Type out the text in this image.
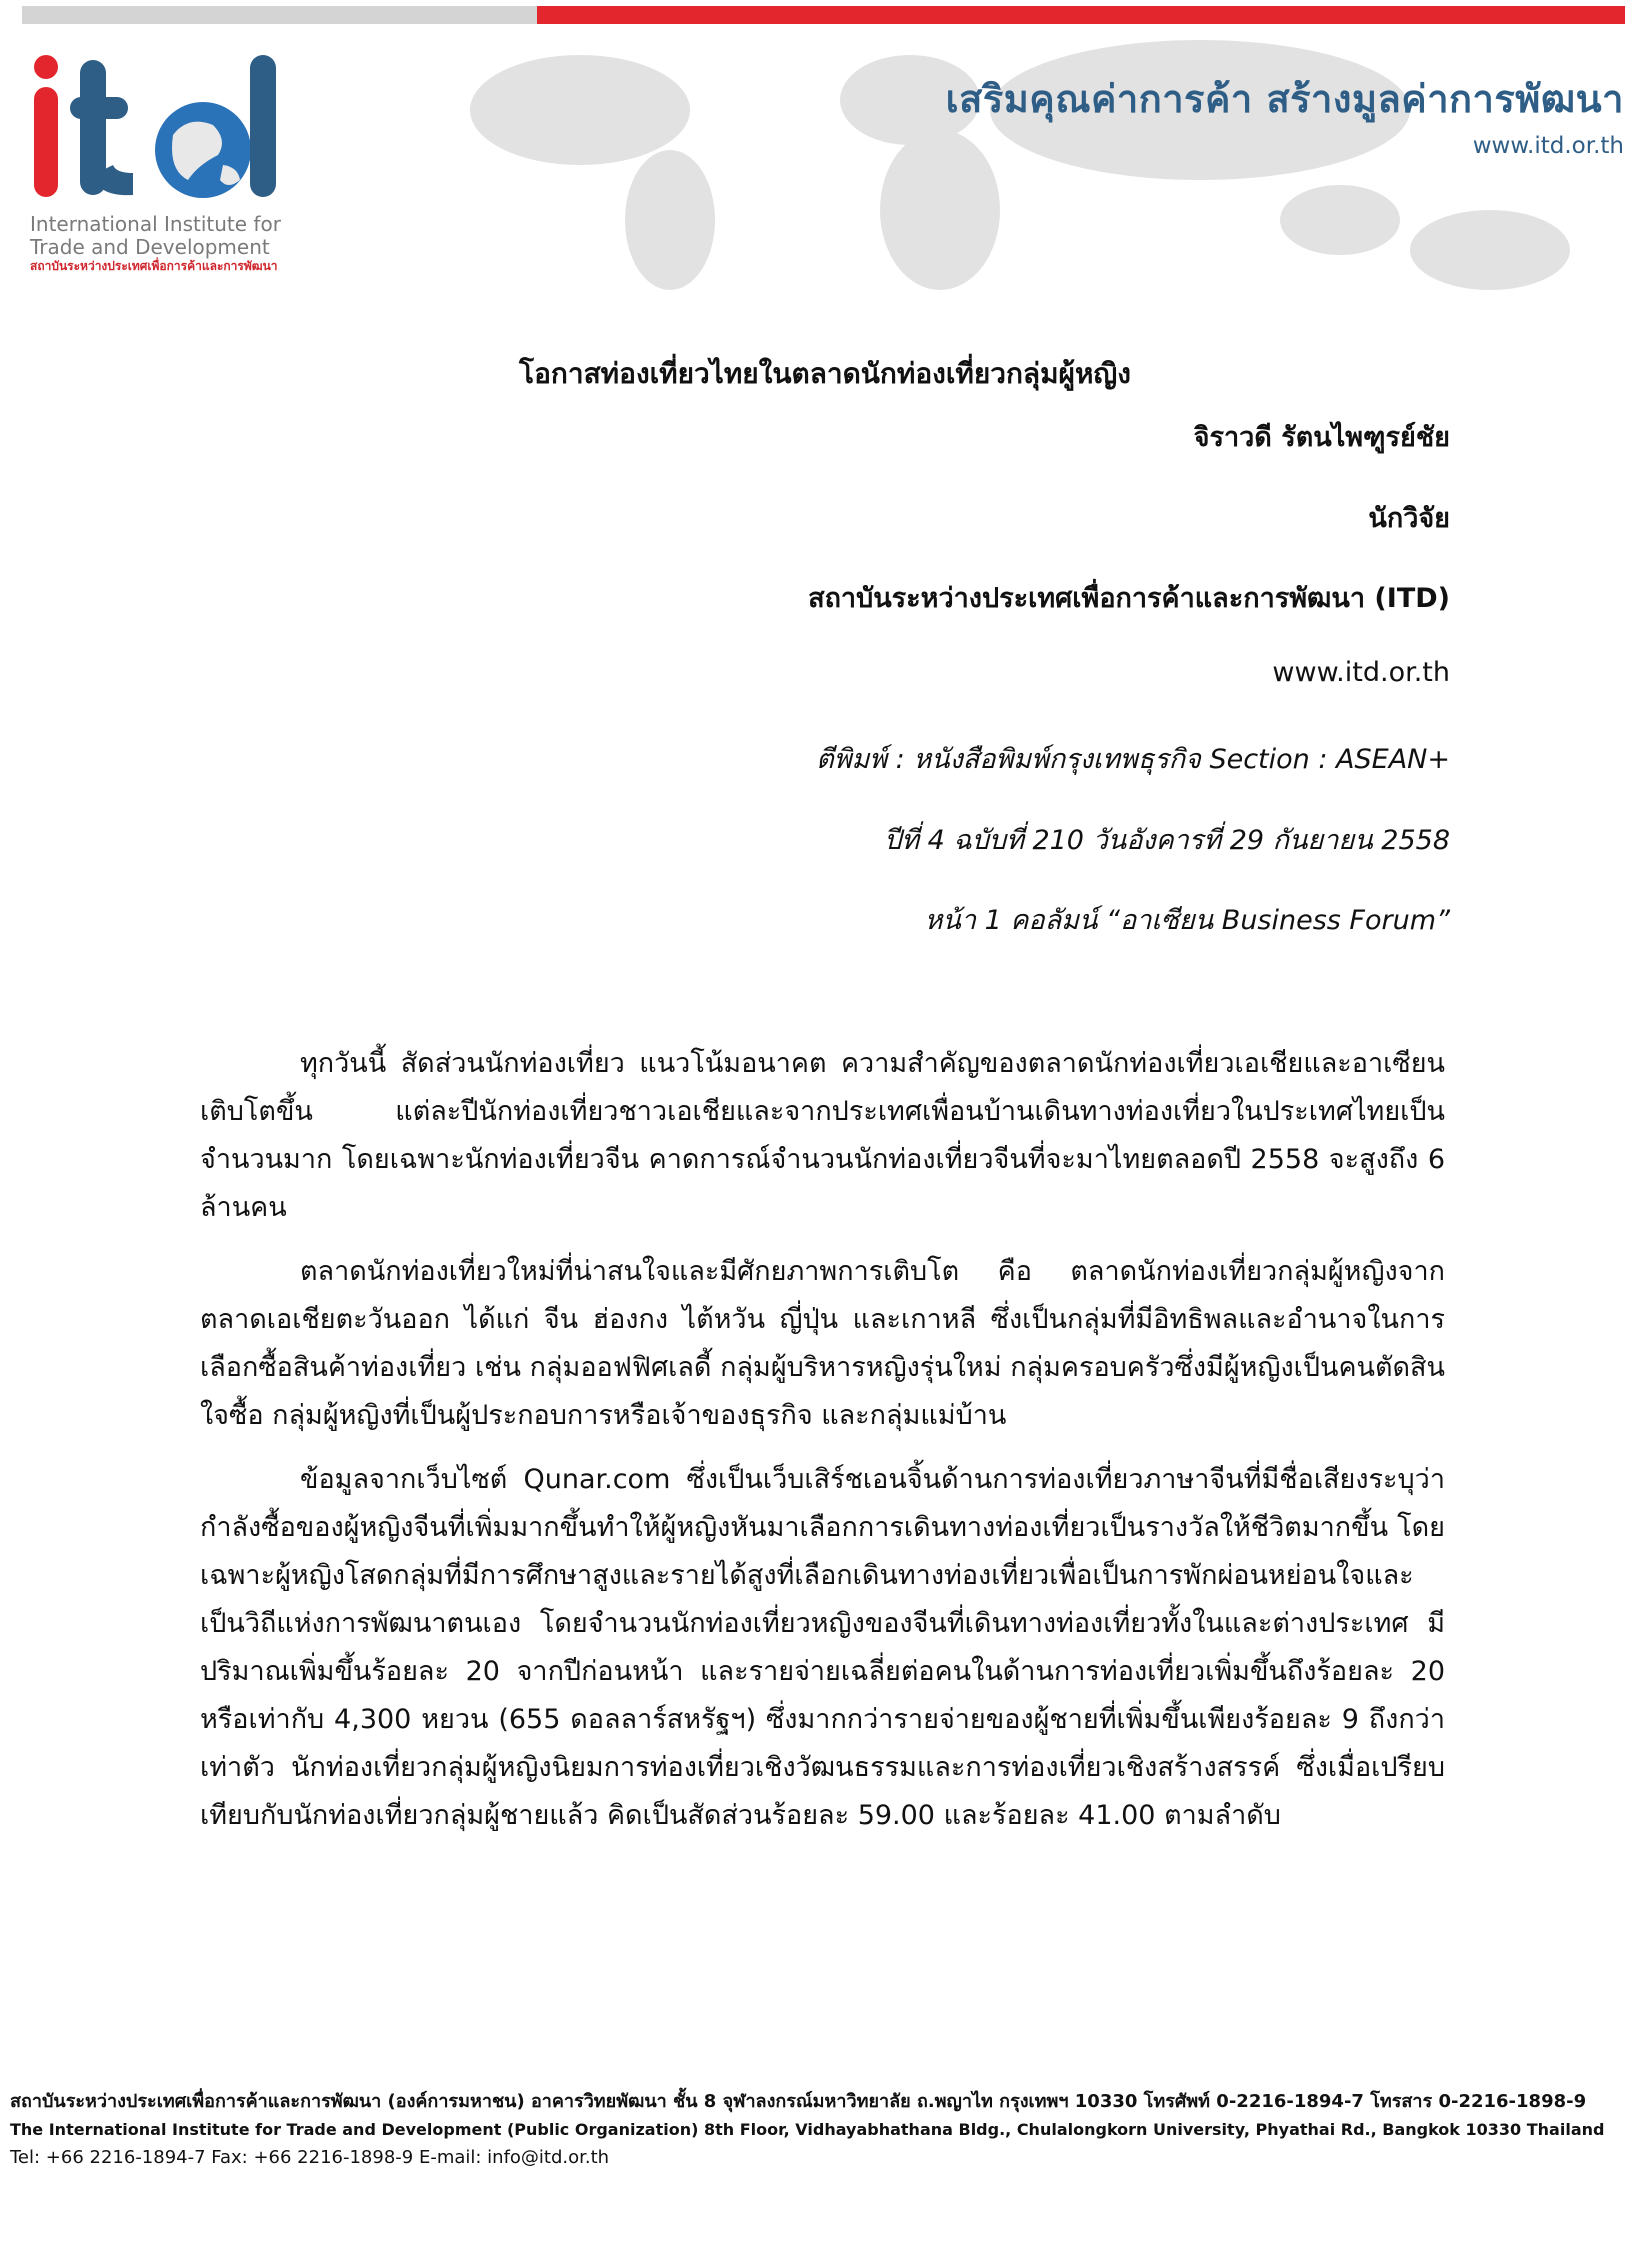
International Institute for
Trade and Development
สถาบันระหว่างประเทศเพื่อการค้าและการพัฒนา
เสริมคุณค่าการค้า สร้างมูลค่าการพัฒนา
www.itd.or.th
โอกาสท่องเที่ยวไทยในตลาดนักท่องเที่ยวกลุ่มผู้หญิง
จิราวดี รัตนไพฑูรย์ชัย
นักวิจัย
สถาบันระหว่างประเทศเพื่อการค้าและการพัฒนา (ITD)
www.itd.or.th
ตีพิมพ์ : หนังสือพิมพ์กรุงเทพธุรกิจ Section : ASEAN+
ปีที่ 4 ฉบับที่ 210 วันอังคารที่ 29 กันยายน 2558
หน้า 1 คอลัมน์ “อาเซียน Business Forum”

ทุกวันนี้ สัดส่วนนักท่องเที่ยว แนวโน้มอนาคต ความสำคัญของตลาดนักท่องเที่ยวเอเชียและอาเซียนเติบโตขึ้น แต่ละปีนักท่องเที่ยวชาวเอเชียและจากประเทศเพื่อนบ้านเดินทางท่องเที่ยวในประเทศไทยเป็นจำนวนมาก โดยเฉพาะนักท่องเที่ยวจีน คาดการณ์จำนวนนักท่องเที่ยวจีนที่จะมาไทยตลอดปี 2558 จะสูงถึง 6 ล้านคน

ตลาดนักท่องเที่ยวใหม่ที่น่าสนใจและมีศักยภาพการเติบโต คือ ตลาดนักท่องเที่ยวกลุ่มผู้หญิงจากตลาดเอเชียตะวันออก ได้แก่ จีน ฮ่องกง ไต้หวัน ญี่ปุ่น และเกาหลี ซึ่งเป็นกลุ่มที่มีอิทธิพลและอำนาจในการเลือกซื้อสินค้าท่องเที่ยว เช่น กลุ่มออฟฟิศเลดี้ กลุ่มผู้บริหารหญิงรุ่นใหม่ กลุ่มครอบครัวซึ่งมีผู้หญิงเป็นคนตัดสินใจซื้อ กลุ่มผู้หญิงที่เป็นผู้ประกอบการหรือเจ้าของธุรกิจ และกลุ่มแม่บ้าน

ข้อมูลจากเว็บไซต์ Qunar.com ซึ่งเป็นเว็บเสิร์ชเอนจิ้นด้านการท่องเที่ยวภาษาจีนที่มีชื่อเสียงระบุว่า กำลังซื้อของผู้หญิงจีนที่เพิ่มมากขึ้นทำให้ผู้หญิงหันมาเลือกการเดินทางท่องเที่ยวเป็นรางวัลให้ชีวิตมากขึ้น โดยเฉพาะผู้หญิงโสดกลุ่มที่มีการศึกษาสูงและรายได้สูงที่เลือกเดินทางท่องเที่ยวเพื่อเป็นการพักผ่อนหย่อนใจและเป็นวิถีแห่งการพัฒนาตนเอง โดยจำนวนนักท่องเที่ยวหญิงของจีนที่เดินทางท่องเที่ยวทั้งในและต่างประเทศ มีปริมาณเพิ่มขึ้นร้อยละ 20 จากปีก่อนหน้า และรายจ่ายเฉลี่ยต่อคนในด้านการท่องเที่ยวเพิ่มขึ้นถึงร้อยละ 20 หรือเท่ากับ 4,300 หยวน (655 ดอลลาร์สหรัฐฯ) ซึ่งมากกว่ารายจ่ายของผู้ชายที่เพิ่มขึ้นเพียงร้อยละ 9 ถึงกว่าเท่าตัว นักท่องเที่ยวกลุ่มผู้หญิงนิยมการท่องเที่ยวเชิงวัฒนธรรมและการท่องเที่ยวเชิงสร้างสรรค์ ซึ่งเมื่อเปรียบเทียบกับนักท่องเที่ยวกลุ่มผู้ชายแล้ว คิดเป็นสัดส่วนร้อยละ 59.00 และร้อยละ 41.00 ตามลำดับ

สถาบันระหว่างประเทศเพื่อการค้าและการพัฒนา (องค์การมหาชน) อาคารวิทยพัฒนา ชั้น 8 จุฬาลงกรณ์มหาวิทยาลัย ถ.พญาไท กรุงเทพฯ 10330 โทรศัพท์ 0-2216-1894-7 โทรสาร 0-2216-1898-9
The International Institute for Trade and Development (Public Organization) 8th Floor, Vidhayabhathana Bldg., Chulalongkorn University, Phyathai Rd., Bangkok 10330 Thailand
Tel: +66 2216-1894-7 Fax: +66 2216-1898-9 E-mail: info@itd.or.th
